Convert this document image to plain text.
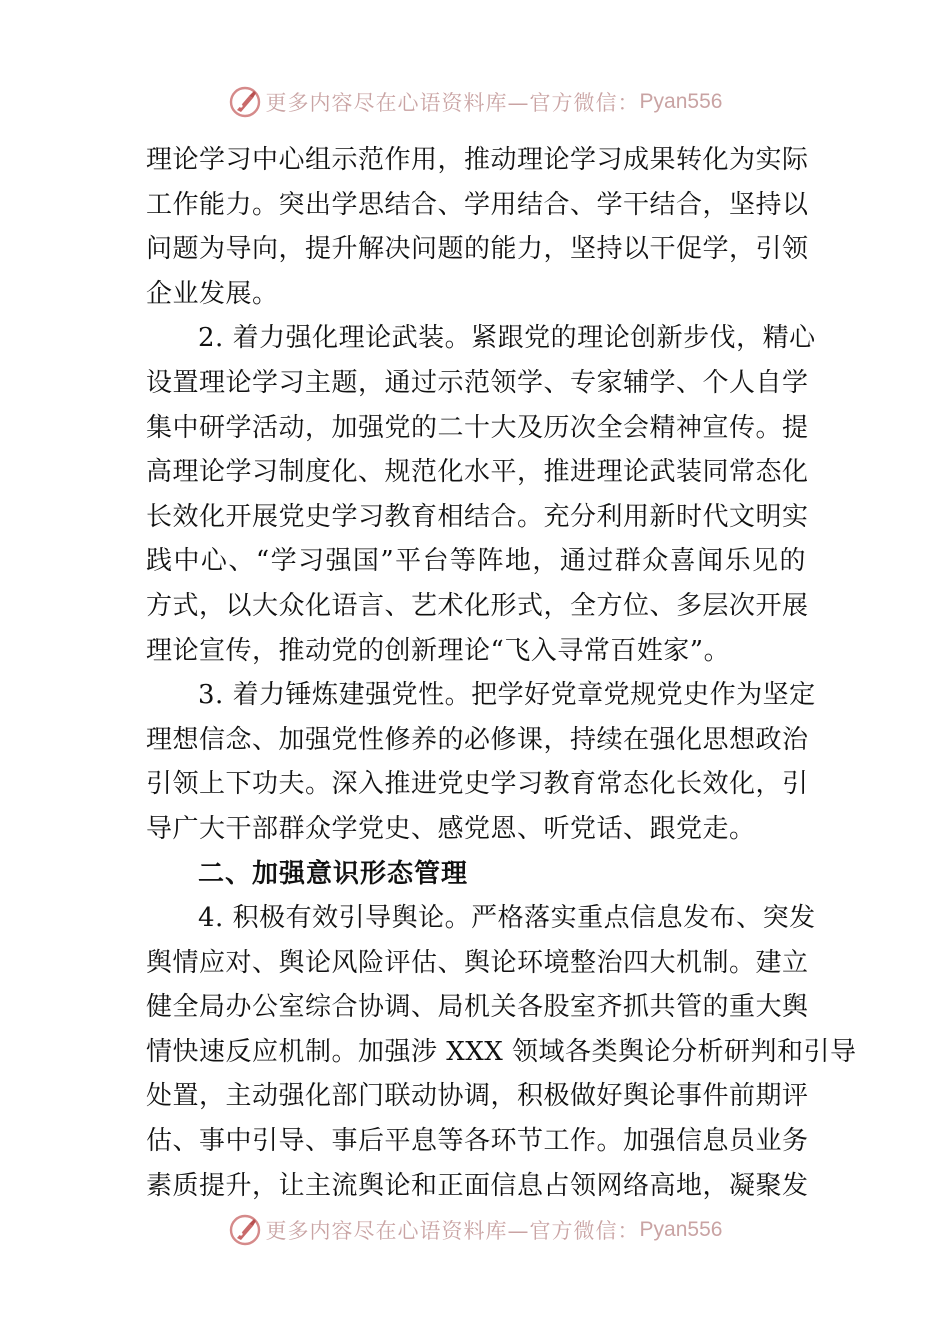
更多内容尽在心语资料库—官方微信： Pyan556
理论学习中心组示范作用，推动理论学习成果转化为实际
工作能力。突出学思结合、学用结合、学干结合，坚持以
问题为导向，提升解决问题的能力，坚持以干促学，引领
企业发展。
2. 着力强化理论武装。紧跟党的理论创新步伐，精心
设置理论学习主题，通过示范领学、专家辅学、个人自学
集中研学活动，加强党的二十大及历次全会精神宣传。提
高理论学习制度化、规范化水平，推进理论武装同常态化
长效化开展党史学习教育相结合。充分利用新时代文明实
践中心、“学习强国”平台等阵地，通过群众喜闻乐见的
方式，以大众化语言、艺术化形式，全方位、多层次开展
理论宣传，推动党的创新理论“飞入寻常百姓家”。
3. 着力锤炼建强党性。把学好党章党规党史作为坚定
理想信念、加强党性修养的必修课，持续在强化思想政治
引领上下功夫。深入推进党史学习教育常态化长效化，引
导广大干部群众学党史、感党恩、听党话、跟党走。
二、加强意识形态管理
4. 积极有效引导舆论。严格落实重点信息发布、突发
舆情应对、舆论风险评估、舆论环境整治四大机制。建立
健全局办公室综合协调、局机关各股室齐抓共管的重大舆
情快速反应机制。加强涉 XXX 领域各类舆论分析研判和引导
处置，主动强化部门联动协调，积极做好舆论事件前期评
估、事中引导、事后平息等各环节工作。加强信息员业务
素质提升，让主流舆论和正面信息占领网络高地，凝聚发
更多内容尽在心语资料库—官方微信： Pyan556
